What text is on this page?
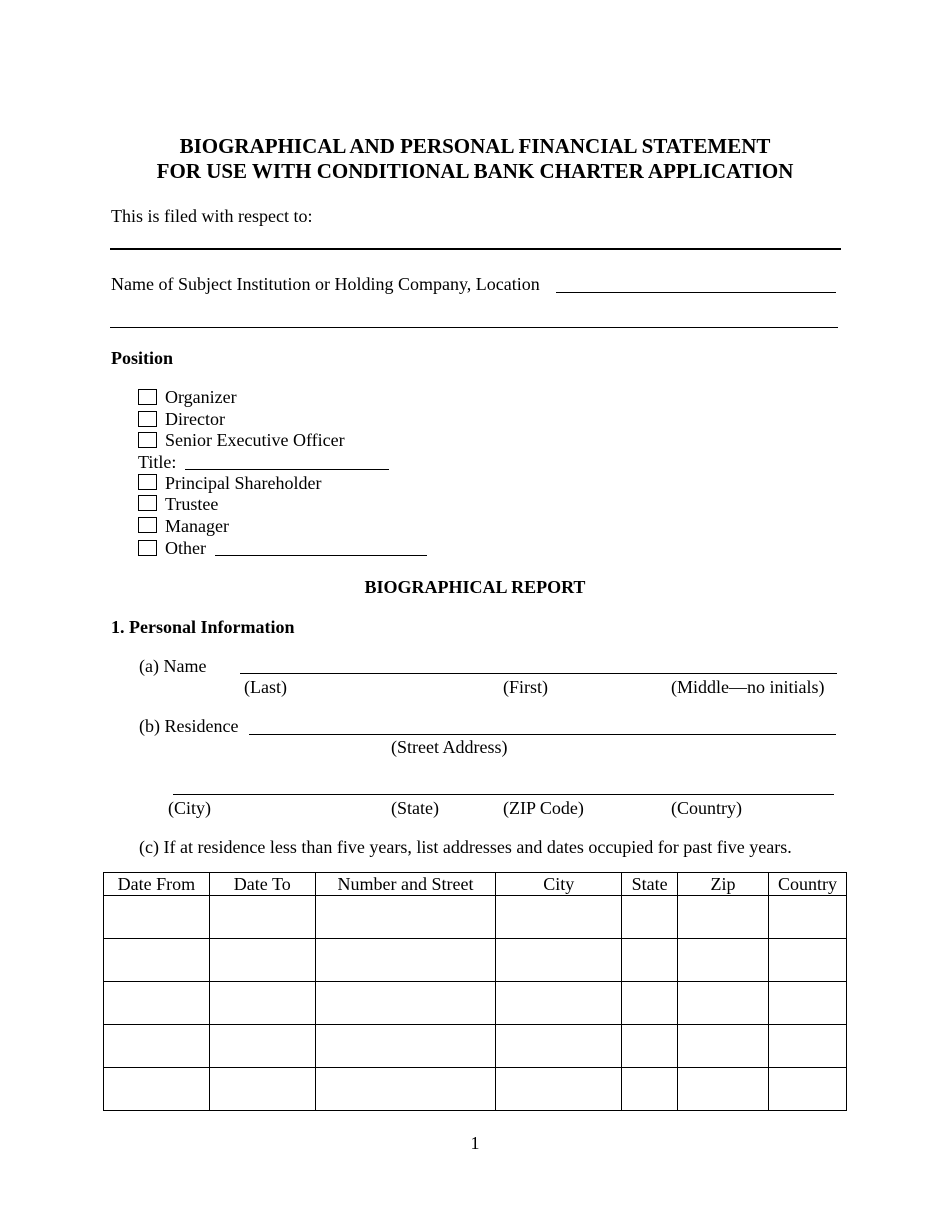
BIOGRAPHICAL AND PERSONAL FINANCIAL STATEMENT
FOR USE WITH CONDITIONAL BANK CHARTER APPLICATION
This is filed with respect to:
Name of Subject Institution or Holding Company, Location
Position
Organizer
Director
Senior Executive Officer
Title:
Principal Shareholder
Trustee
Manager
Other
BIOGRAPHICAL REPORT
1. Personal Information
(a) Name
(Last)	(First)	(Middle—no initials)
(b) Residence
(Street Address)
(City)	(State)	(ZIP Code)	(Country)
(c) If at residence less than five years, list addresses and dates occupied for past five years.
Date From	Date To	Number and Street	City	State	Zip	Country

1
